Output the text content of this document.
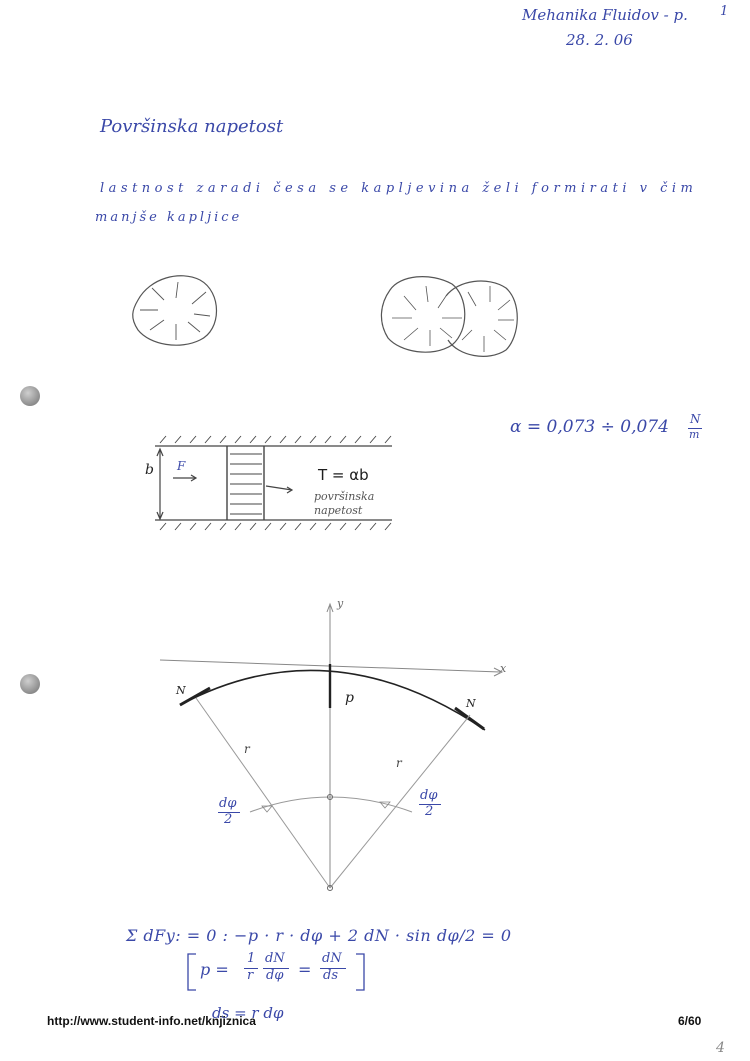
Mehanika Fluidov - p. 1
28. 2. 06
Površinska napetost
lastnost zaradi česa se kapljevina želi formirati v čim
manjše kapljice
α = 0,073 ÷ 0,074 N
m
b F	T = αb
površinska
napetost
y
x
N
N
p
r
r
dφ
2
dφ
2
Σ dFy: = 0 : −p · r · dφ + 2 dN · sin dφ/2 = 0
p =
1
r
dN
dφ =
dN
ds
ds = r dφ
http://www.student-info.net/knjiznica	6/60
4
